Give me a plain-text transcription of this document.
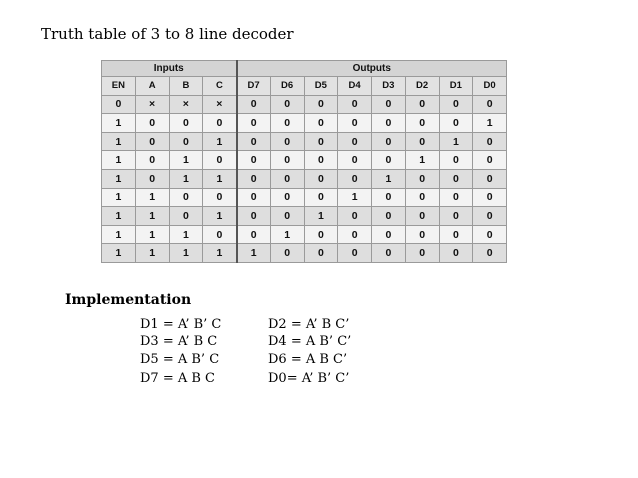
Truth table of 3 to 8 line decoder
Inputs				Outputs							
EN	A	B	C	D7	D6	D5	D4	D3	D2	D1	D0
0	×	×	×	0	0	0	0	0	0	0	0
1	0	0	0	0	0	0	0	0	0	0	1
1	0	0	1	0	0	0	0	0	0	1	0
1	0	1	0	0	0	0	0	0	1	0	0
1	0	1	1	0	0	0	0	1	0	0	0
1	1	0	0	0	0	0	1	0	0	0	0
1	1	0	1	0	0	1	0	0	0	0	0
1	1	1	0	0	1	0	0	0	0	0	0
1	1	1	1	1	0	0	0	0	0	0	0
Implementation
D1 = A’ B’ C	D2 = A’ B C’
D3 = A’ B C	D4 = A B’ C’
D5 = A B’ C	D6 = A B C’
D7 = A B C	D0= A’ B’ C’
